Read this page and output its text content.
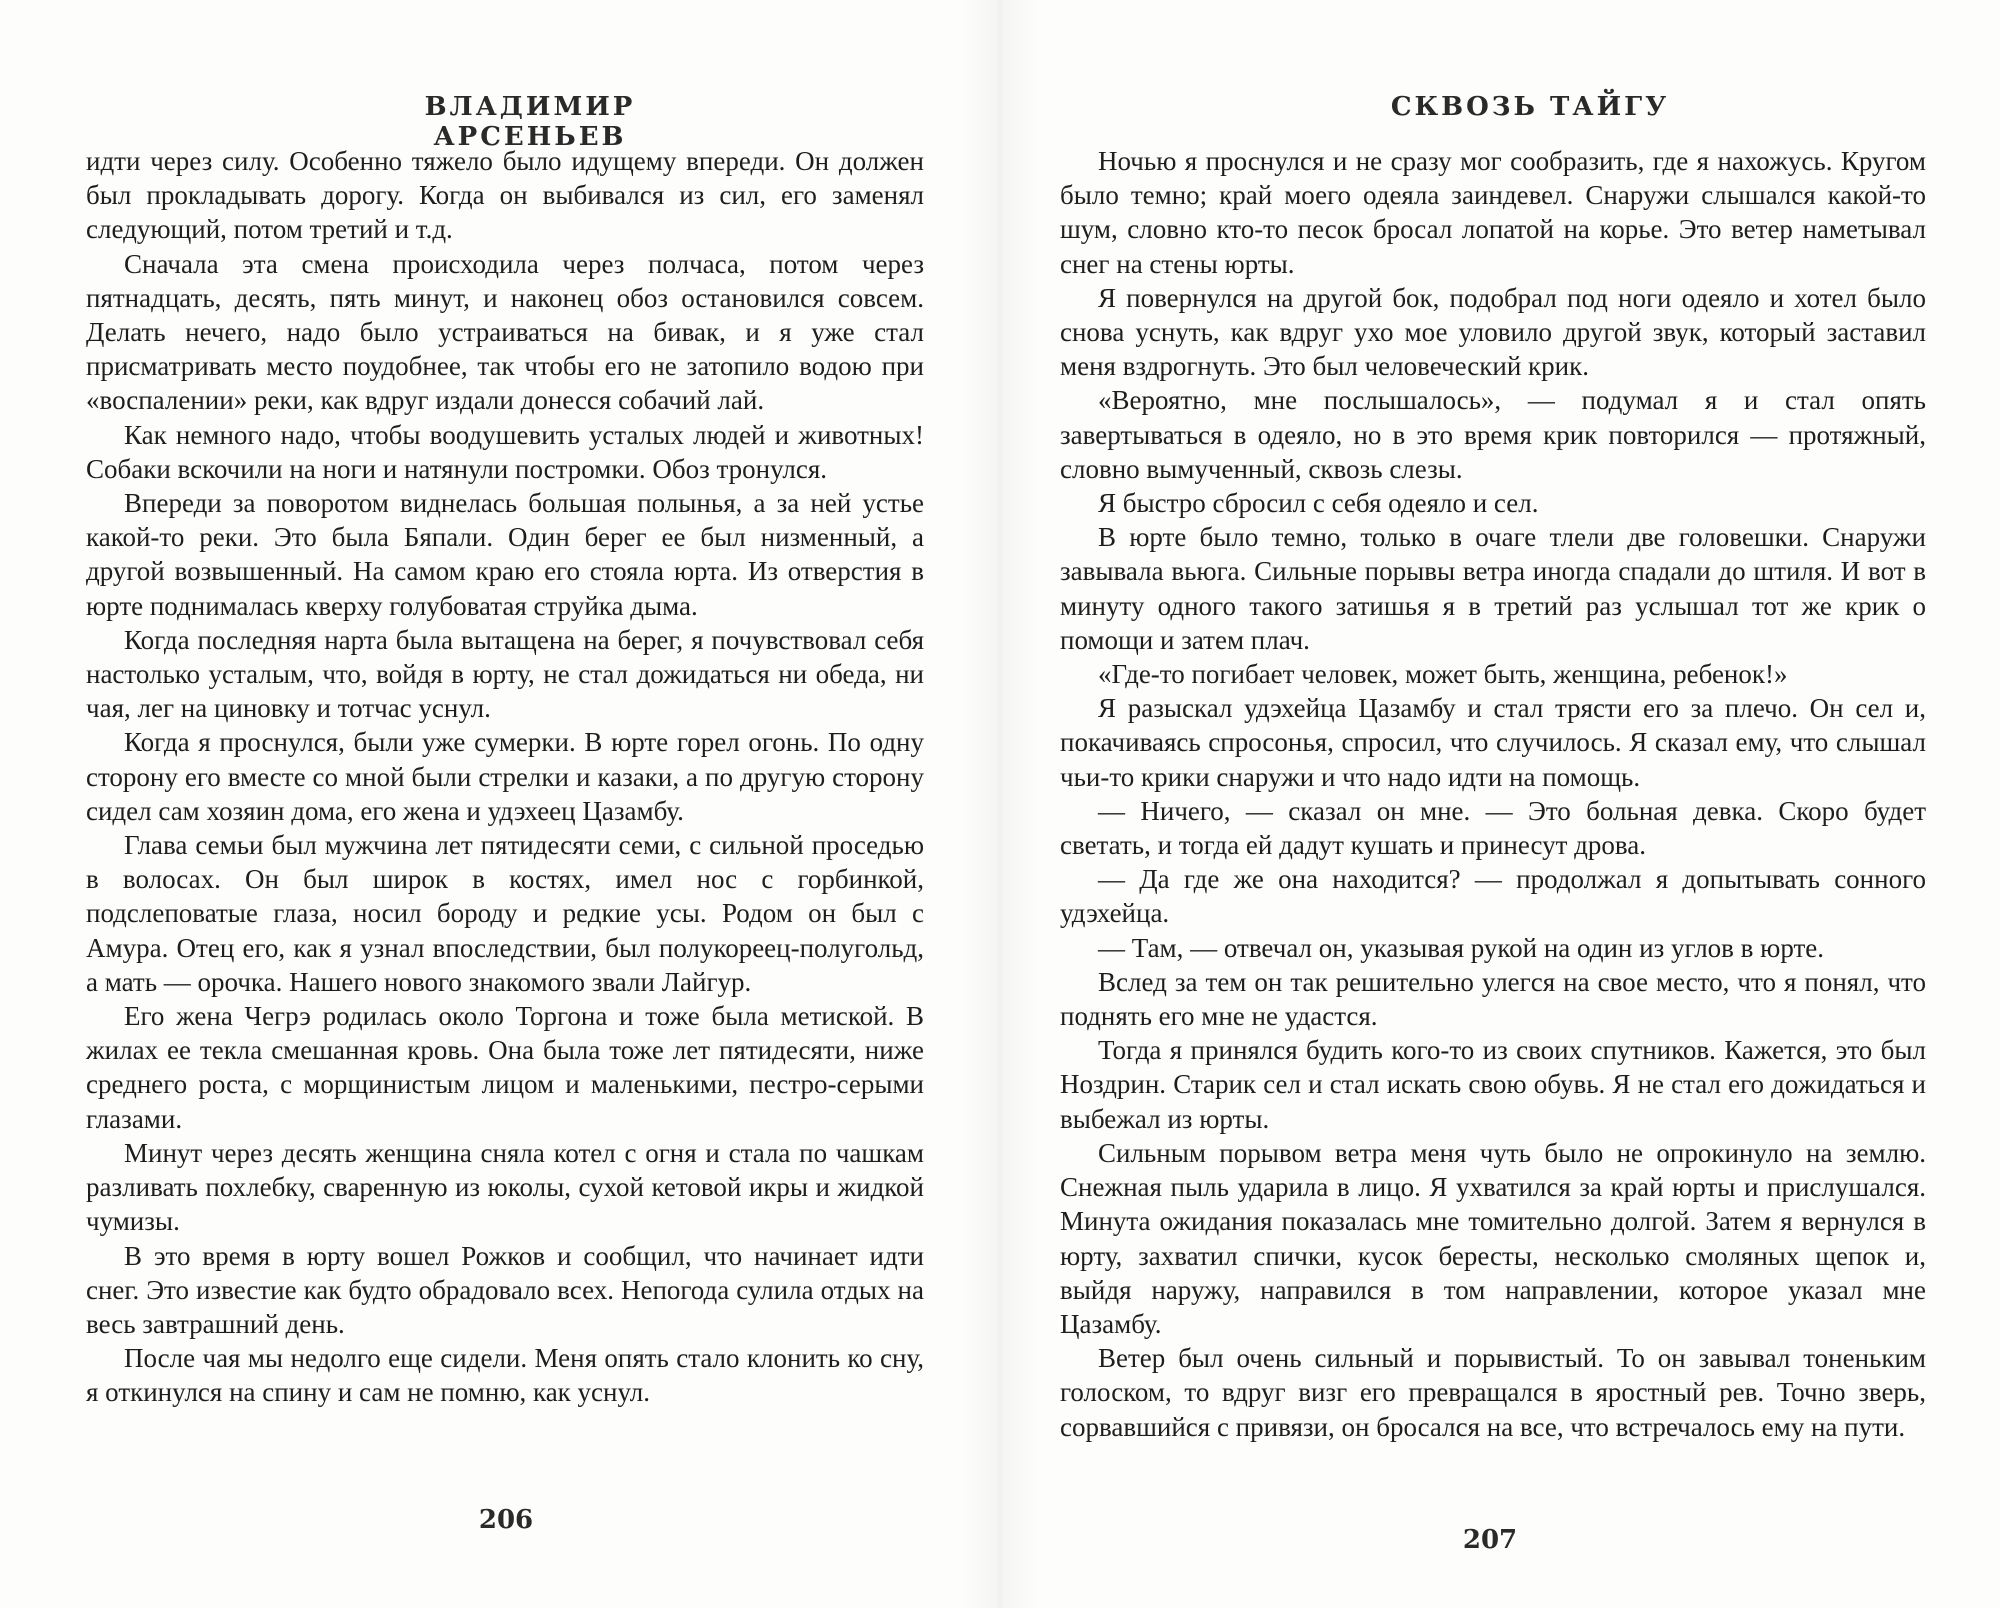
ВЛАДИМИР АРСЕНЬЕВ

идти через силу. Особенно тяжело было идущему впереди. Он должен был прокладывать дорогу. Когда он выбивался из сил, его заменял следующий, потом третий и т.д.

Сначала эта смена происходила через полчаса, потом через пятнадцать, десять, пять минут, и наконец обоз остановился совсем. Делать нечего, надо было устраиваться на бивак, и я уже стал присматривать место поудобнее, так чтобы его не затопило водою при «воспалении» реки, как вдруг издали донесся собачий лай.

Как немного надо, чтобы воодушевить усталых людей и животных! Собаки вскочили на ноги и натянули постромки. Обоз тронулся.

Впереди за поворотом виднелась большая полынья, а за ней устье какой-то реки. Это была Бяпали. Один берег ее был низменный, а другой возвышенный. На самом краю его стояла юрта. Из отверстия в юрте поднималась кверху голубоватая струйка дыма.

Когда последняя нарта была вытащена на берег, я почувствовал себя настолько усталым, что, войдя в юрту, не стал дожидаться ни обеда, ни чая, лег на циновку и тотчас уснул.

Когда я проснулся, были уже сумерки. В юрте горел огонь. По одну сторону его вместе со мной были стрелки и казаки, а по другую сторону сидел сам хозяин дома, его жена и удэхеец Цазамбу.

Глава семьи был мужчина лет пятидесяти семи, с сильной проседью в волосах. Он был широк в костях, имел нос с горбинкой, подслеповатые глаза, носил бороду и редкие усы. Родом он был с Амура. Отец его, как я узнал впоследствии, был полукореец-полугольд, а мать — орочка. Нашего нового знакомого звали Лайгур.

Его жена Чегрэ родилась около Торгона и тоже была метиской. В жилах ее текла смешанная кровь. Она была тоже лет пятидесяти, ниже среднего роста, с морщинистым лицом и маленькими, пестро-серыми глазами.

Минут через десять женщина сняла котел с огня и стала по чашкам разливать похлебку, сваренную из юколы, сухой кетовой икры и жидкой чумизы.

В это время в юрту вошел Рожков и сообщил, что начинает идти снег. Это известие как будто обрадовало всех. Непогода сулила отдых на весь завтрашний день.

После чая мы недолго еще сидели. Меня опять стало клонить ко сну, я откинулся на спину и сам не помню, как уснул.

206
СКВОЗЬ ТАЙГУ

Ночью я проснулся и не сразу мог сообразить, где я нахожусь. Кругом было темно; край моего одеяла заиндевел. Снаружи слышался какой-то шум, словно кто-то песок бросал лопатой на корье. Это ветер наметывал снег на стены юрты.

Я повернулся на другой бок, подобрал под ноги одеяло и хотел было снова уснуть, как вдруг ухо мое уловило другой звук, который заставил меня вздрогнуть. Это был человеческий крик.

«Вероятно, мне послышалось», — подумал я и стал опять завертываться в одеяло, но в это время крик повторился — протяжный, словно вымученный, сквозь слезы.

Я быстро сбросил с себя одеяло и сел.

В юрте было темно, только в очаге тлели две головешки. Снаружи завывала вьюга. Сильные порывы ветра иногда спадали до штиля. И вот в минуту одного такого затишья я в третий раз услышал тот же крик о помощи и затем плач.

«Где-то погибает человек, может быть, женщина, ребенок!»

Я разыскал удэхейца Цазамбу и стал трясти его за плечо. Он сел и, покачиваясь спросонья, спросил, что случилось. Я сказал ему, что слышал чьи-то крики снаружи и что надо идти на помощь.

— Ничего, — сказал он мне. — Это больная девка. Скоро будет светать, и тогда ей дадут кушать и принесут дрова.

— Да где же она находится? — продолжал я допытывать сонного удэхейца.

— Там, — отвечал он, указывая рукой на один из углов в юрте.

Вслед за тем он так решительно улегся на свое место, что я понял, что поднять его мне не удастся.

Тогда я принялся будить кого-то из своих спутников. Кажется, это был Ноздрин. Старик сел и стал искать свою обувь. Я не стал его дожидаться и выбежал из юрты.

Сильным порывом ветра меня чуть было не опрокинуло на землю. Снежная пыль ударила в лицо. Я ухватился за край юрты и прислушался. Минута ожидания показалась мне томительно долгой. Затем я вернулся в юрту, захватил спички, кусок бересты, несколько смоляных щепок и, выйдя наружу, направился в том направлении, которое указал мне Цазамбу.

Ветер был очень сильный и порывистый. То он завывал тоненьким голоском, то вдруг визг его превращался в яростный рев. Точно зверь, сорвавшийся с привязи, он бросался на все, что встречалось ему на пути.

207
